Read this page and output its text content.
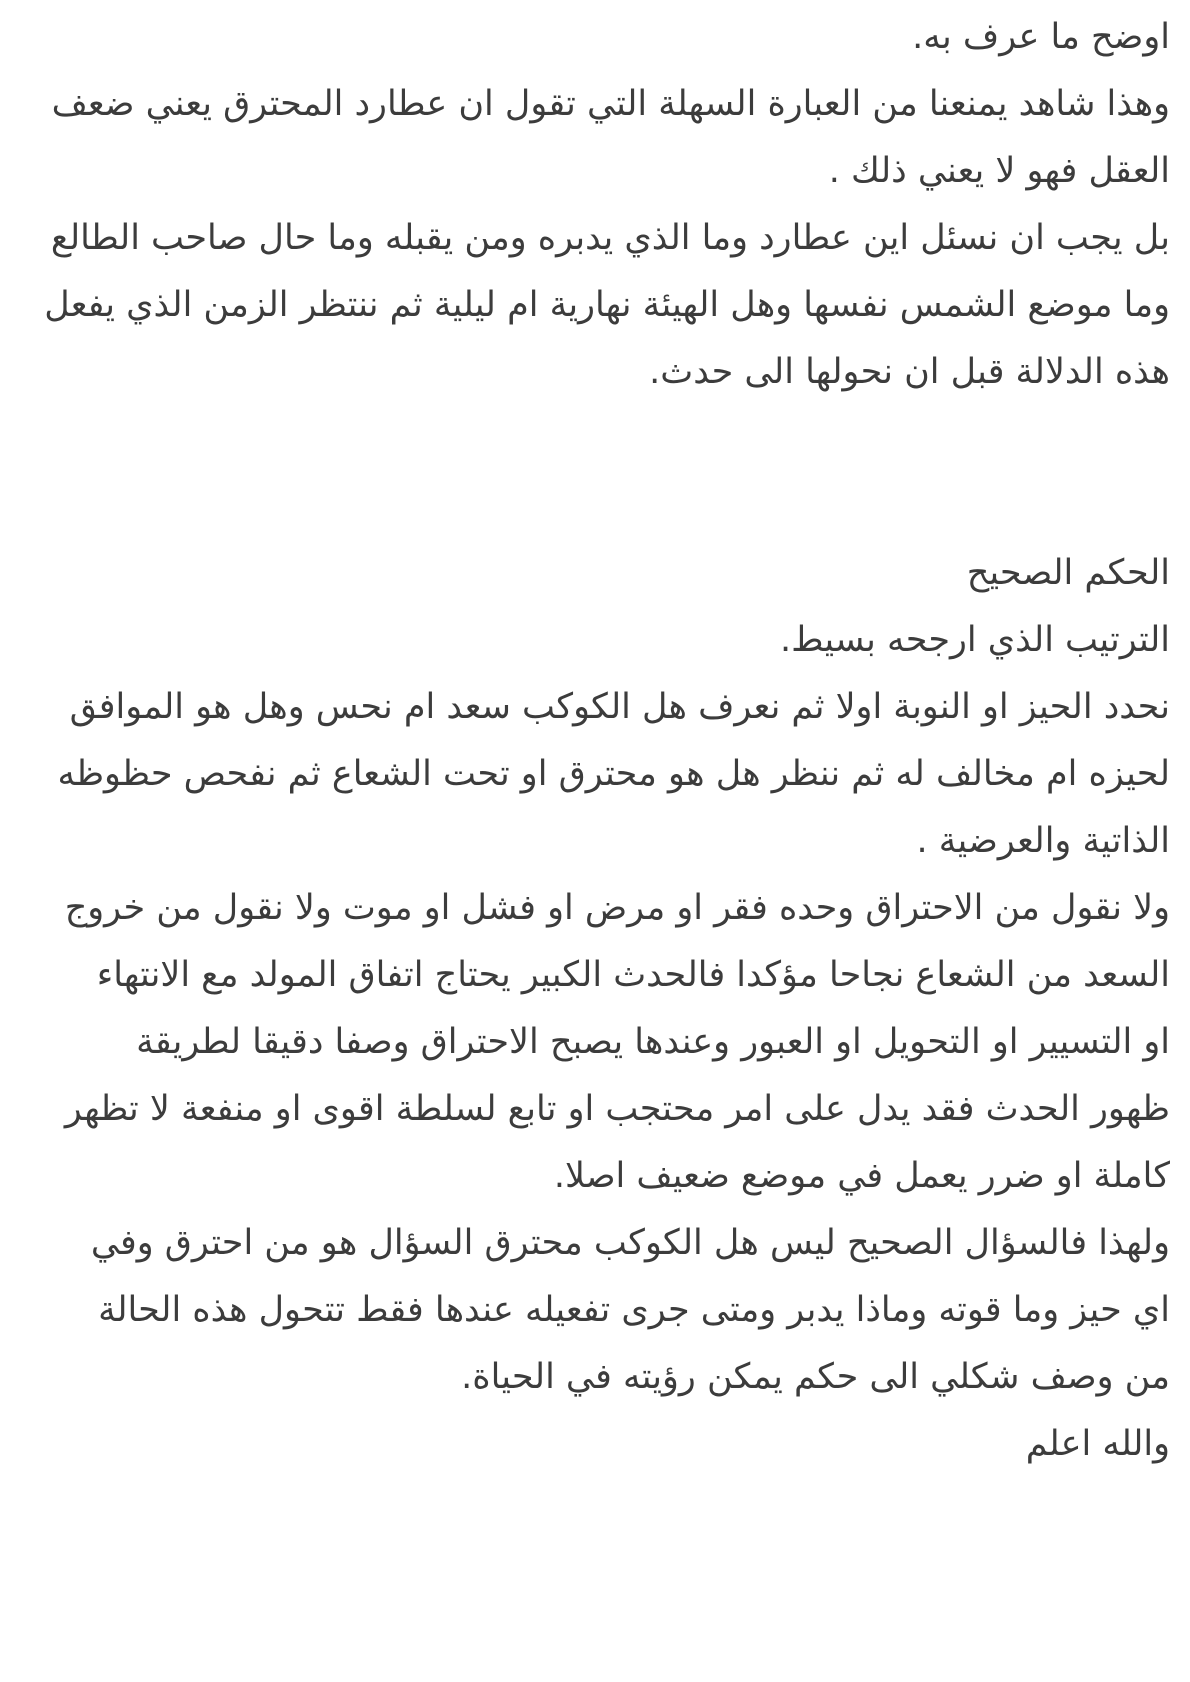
اوضح ما عرف به.
وهذا شاهد يمنعنا من العبارة السهلة التي تقول ان عطارد المحترق يعني ضعف
العقل فهو لا يعني ذلك .
بل يجب ان نسئل اين عطارد وما الذي يدبره ومن يقبله وما حال صاحب الطالع
وما موضع الشمس نفسها وهل الهيئة نهارية ام ليلية ثم ننتظر الزمن الذي يفعل
هذه الدلالة قبل ان نحولها الى حدث.
الحكم الصحيح
الترتيب الذي ارجحه بسيط.
نحدد الحيز او النوبة اولا ثم نعرف هل الكوكب سعد ام نحس وهل هو الموافق
لحيزه ام مخالف له ثم ننظر هل هو محترق او تحت الشعاع ثم نفحص حظوظه
الذاتية والعرضية .
ولا نقول من الاحتراق وحده فقر او مرض او فشل او موت ولا نقول من خروج
السعد من الشعاع نجاحا مؤكدا فالحدث الكبير يحتاج اتفاق المولد مع الانتهاء
او التسيير او التحويل او العبور وعندها يصبح الاحتراق وصفا دقيقا لطريقة
ظهور الحدث فقد يدل على امر محتجب او تابع لسلطة اقوى او منفعة لا تظهر
كاملة او ضرر يعمل في موضع ضعيف اصلا.
ولهذا فالسؤال الصحيح ليس هل الكوكب محترق السؤال هو من احترق وفي
اي حيز وما قوته وماذا يدبر ومتى جرى تفعيله عندها فقط تتحول هذه الحالة
من وصف شكلي الى حكم يمكن رؤيته في الحياة.
والله اعلم
